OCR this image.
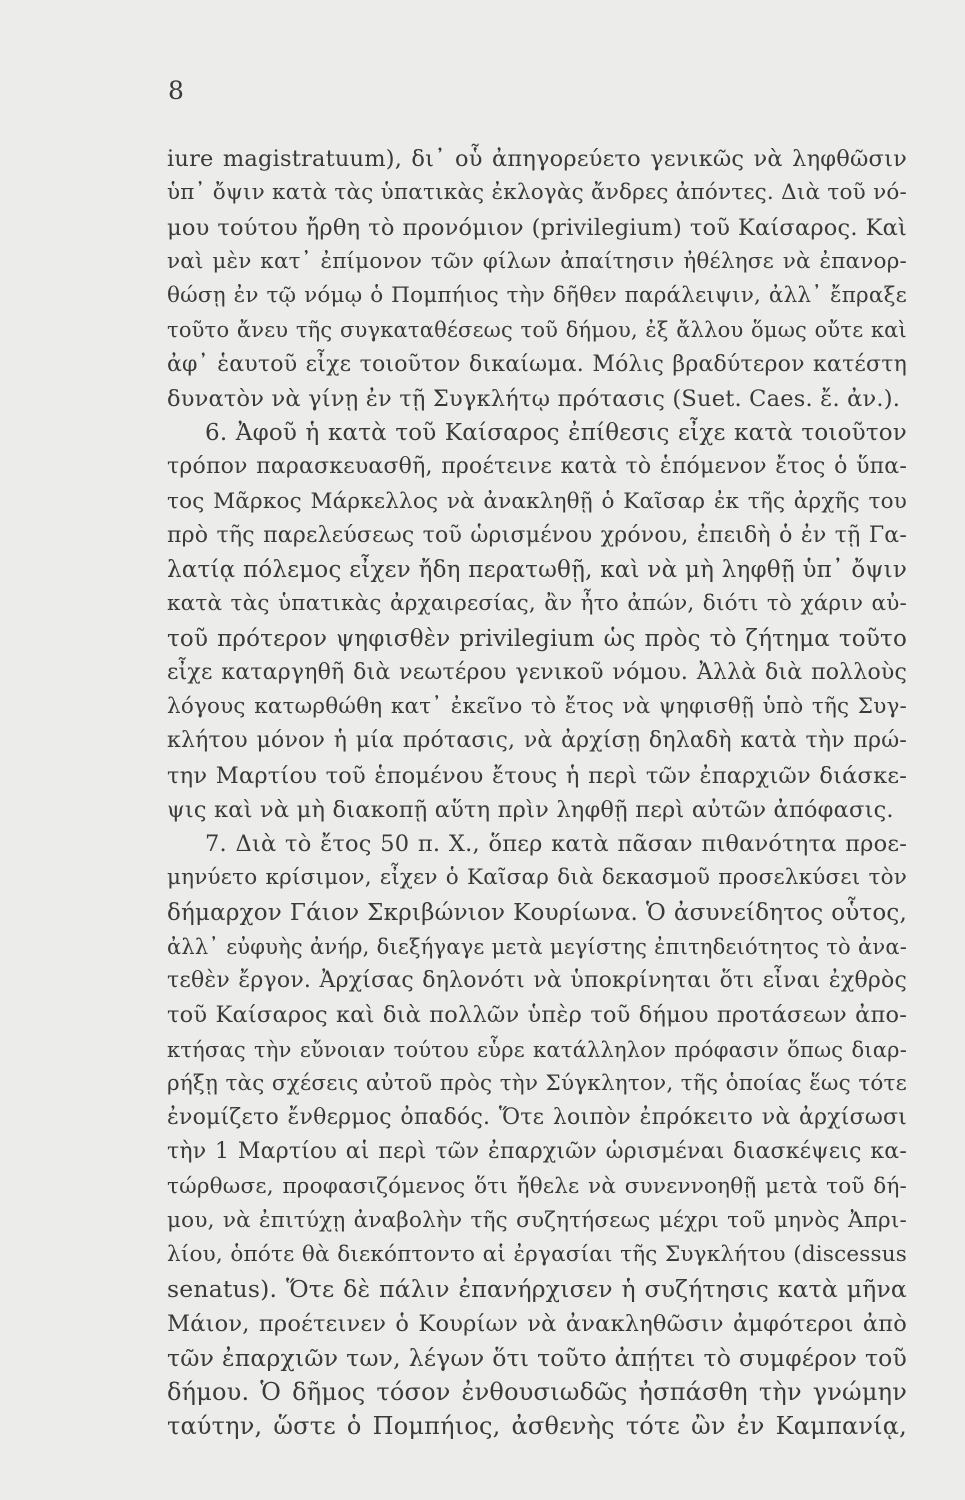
8
iure magistratuum), δι᾽ οὗ ἀπηγορεύετο γενικῶς νὰ ληφθῶσιν
ὑπ᾽ ὄψιν κατὰ τὰς ὑπατικὰς ἐκλογὰς ἄνδρες ἀπόντες. Διὰ τοῦ νό-
μου τούτου ἤρθη τὸ προνόμιον (privilegium) τοῦ Καίσαρος. Καὶ
ναὶ μὲν κατ᾽ ἐπίμονον τῶν φίλων ἀπαίτησιν ἠθέλησε νὰ ἐπανορ-
θώσῃ ἐν τῷ νόμῳ ὁ Πομπήιος τὴν δῆθεν παράλειψιν, ἀλλ᾽ ἔπραξε
τοῦτο ἄνευ τῆς συγκαταθέσεως τοῦ δήμου, ἐξ ἄλλου ὅμως οὔτε καὶ
ἀφ᾽ ἑαυτοῦ εἶχε τοιοῦτον δικαίωμα. Μόλις βραδύτερον κατέστη
δυνατὸν νὰ γίνῃ ἐν τῇ Συγκλήτῳ πρότασις (Suet. Caes. ἔ. ἀν.).
6. Ἀφοῦ ἡ κατὰ τοῦ Καίσαρος ἐπίθεσις εἶχε κατὰ τοιοῦτον
τρόπον παρασκευασθῆ, προέτεινε κατὰ τὸ ἑπόμενον ἔτος ὁ ὕπα-
τος Μᾶρκος Μάρκελλος νὰ ἀνακληθῇ ὁ Καῖσαρ ἐκ τῆς ἀρχῆς του
πρὸ τῆς παρελεύσεως τοῦ ὡρισμένου χρόνου, ἐπειδὴ ὁ ἐν τῇ Γα-
λατίᾳ πόλεμος εἶχεν ἤδη περατωθῇ, καὶ νὰ μὴ ληφθῇ ὑπ᾽ ὄψιν
κατὰ τὰς ὑπατικὰς ἀρχαιρεσίας, ἂν ἦτο ἀπών, διότι τὸ χάριν αὐ-
τοῦ πρότερον ψηφισθὲν privilegium ὡς πρὸς τὸ ζήτημα τοῦτο
εἶχε καταργηθῆ διὰ νεωτέρου γενικοῦ νόμου. Ἀλλὰ διὰ πολλοὺς
λόγους κατωρθώθη κατ᾽ ἐκεῖνο τὸ ἔτος νὰ ψηφισθῇ ὑπὸ τῆς Συγ-
κλήτου μόνον ἡ μία πρότασις, νὰ ἀρχίσῃ δηλαδὴ κατὰ τὴν πρώ-
την Μαρτίου τοῦ ἑπομένου ἔτους ἡ περὶ τῶν ἐπαρχιῶν διάσκε-
ψις καὶ νὰ μὴ διακοπῇ αὕτη πρὶν ληφθῇ περὶ αὐτῶν ἀπόφασις.
7. Διὰ τὸ ἔτος 50 π. Χ., ὅπερ κατὰ πᾶσαν πιθανότητα προε-
μηνύετο κρίσιμον, εἶχεν ὁ Καῖσαρ διὰ δεκασμοῦ προσελκύσει τὸν
δήμαρχον Γάιον Σκριβώνιον Κουρίωνα. Ὁ ἀσυνείδητος οὗτος,
ἀλλ᾽ εὐφυὴς ἀνήρ, διεξήγαγε μετὰ μεγίστης ἐπιτηδειότητος τὸ ἀνα-
τεθὲν ἔργον. Ἀρχίσας δηλονότι νὰ ὑποκρίνηται ὅτι εἶναι ἐχθρὸς
τοῦ Καίσαρος καὶ διὰ πολλῶν ὑπὲρ τοῦ δήμου προτάσεων ἀπο-
κτήσας τὴν εὔνοιαν τούτου εὗρε κατάλληλον πρόφασιν ὅπως διαρ-
ρήξῃ τὰς σχέσεις αὐτοῦ πρὸς τὴν Σύγκλητον, τῆς ὁποίας ἕως τότε
ἐνομίζετο ἔνθερμος ὀπαδός. Ὅτε λοιπὸν ἐπρόκειτο νὰ ἀρχίσωσι
τὴν 1 Μαρτίου αἱ περὶ τῶν ἐπαρχιῶν ὡρισμέναι διασκέψεις κα-
τώρθωσε, προφασιζόμενος ὅτι ἤθελε νὰ συνεννοηθῇ μετὰ τοῦ δή-
μου, νὰ ἐπιτύχῃ ἀναβολὴν τῆς συζητήσεως μέχρι τοῦ μηνὸς Ἀπρι-
λίου, ὁπότε θὰ διεκόπτοντο αἱ ἐργασίαι τῆς Συγκλήτου (discessus
senatus). Ὅτε δὲ πάλιν ἐπανήρχισεν ἡ συζήτησις κατὰ μῆνα
Μάιον, προέτεινεν ὁ Κουρίων νὰ ἀνακληθῶσιν ἀμφότεροι ἀπὸ
τῶν ἐπαρχιῶν των, λέγων ὅτι τοῦτο ἀπῄτει τὸ συμφέρον τοῦ
δήμου. Ὁ δῆμος τόσον ἐνθουσιωδῶς ἠσπάσθη τὴν γνώμην
ταύτην, ὥστε ὁ Πομπήιος, ἀσθενὴς τότε ὢν ἐν Καμπανίᾳ,
